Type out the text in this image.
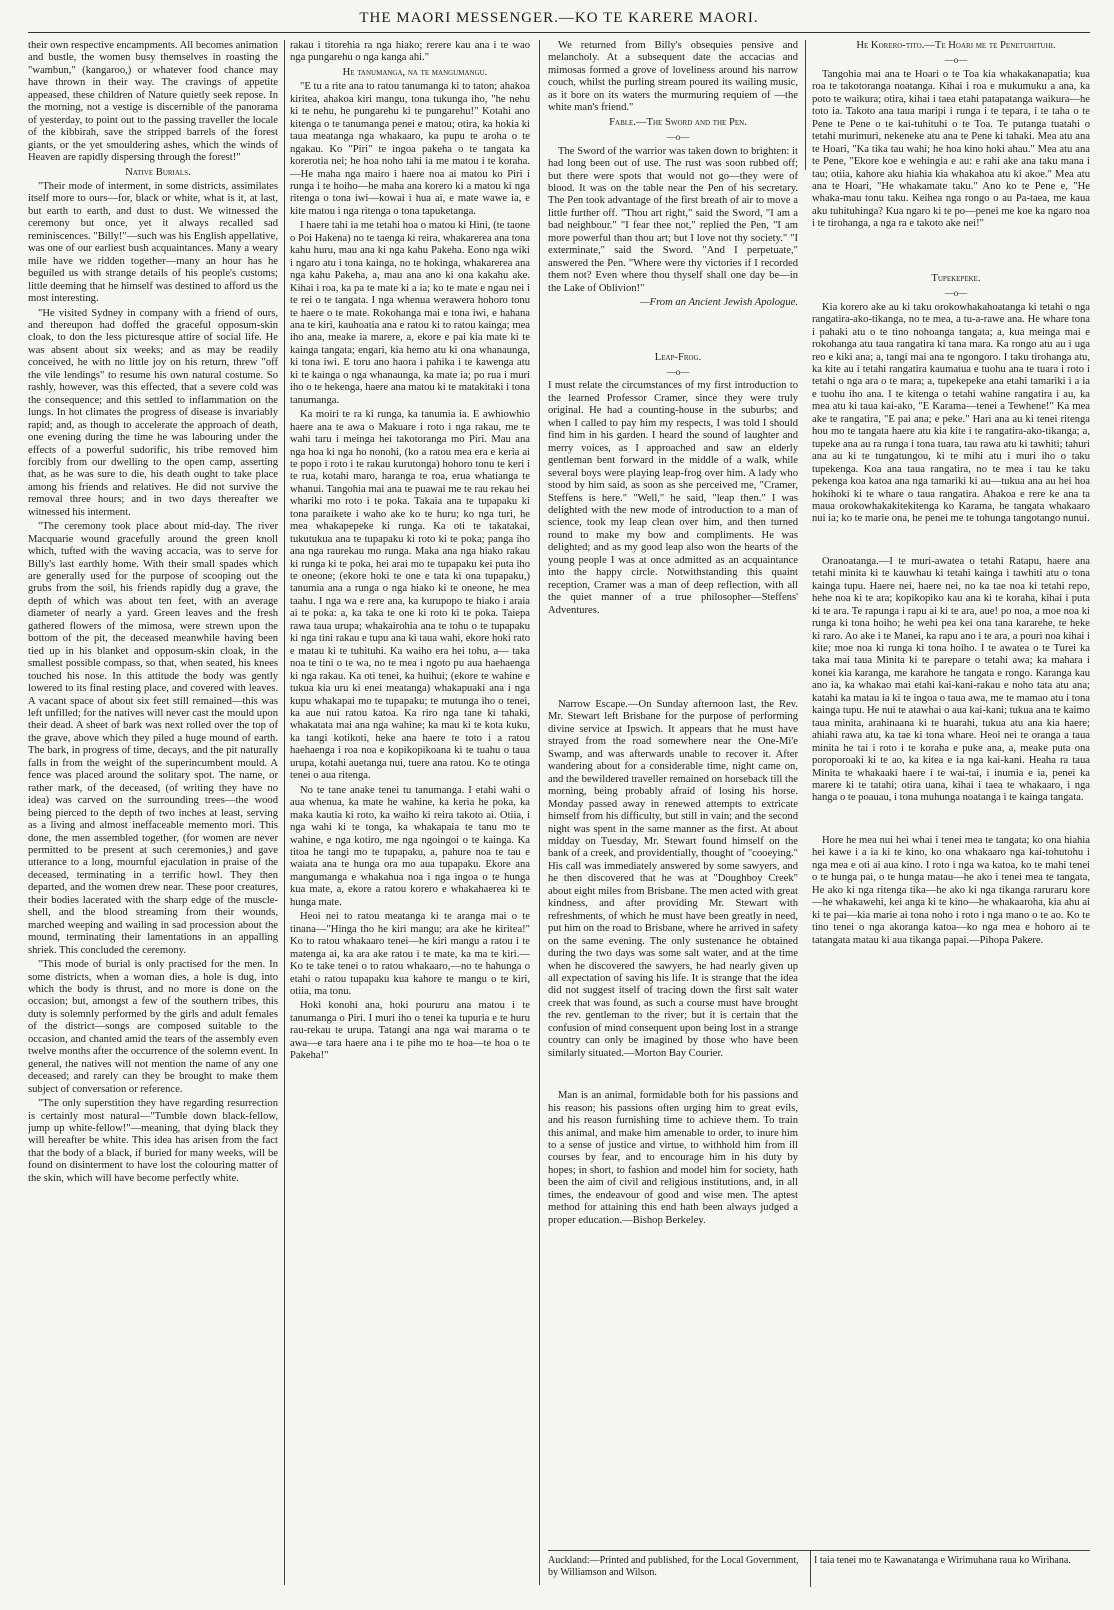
THE MAORI MESSENGER.—KO TE KARERE MAORI.

their own respective encampments. All becomes animation and bustle, the women busy themselves in roasting the "wambun," (kangaroo,) or whatever food chance may have thrown in their way. The cravings of appetite appeased, these children of Nature quietly seek repose. In the morning, not a vestige is discernible of the panorama of yesterday, to point out to the passing traveller the locale of the kibbirah, save the stripped barrels of the forest giants, or the yet smouldering ashes, which the winds of Heaven are rapidly dispersing through the forest!"

Native Burials.

"Their mode of interment, in some districts, assimilates itself more to ours—for, black or white, what is it, at last, but earth to earth, and dust to dust. We witnessed the ceremony but once, yet it always recalled sad reminiscences. "Billy!"—such was his English appellative, was one of our earliest bush acquaintances. Many a weary mile have we ridden together—many an hour has he beguiled us with strange details of his people's customs; little deeming that he himself was destined to afford us the most interesting.

"He visited Sydney in company with a friend of ours, and thereupon had doffed the graceful opposum-skin cloak, to don the less picturesque attire of social life. He was absent about six weeks; and as may be readily conceived, he with no little joy on his return, threw "off the vile lendings" to resume his own natural costume. So rashly, however, was this effected, that a severe cold was the consequence; and this settled to inflammation on the lungs. In hot climates the progress of disease is invariably rapid; and, as though to accelerate the approach of death, one evening during the time he was labouring under the effects of a powerful sudorific, his tribe removed him forcibly from our dwelling to the open camp, asserting that, as he was sure to die, his death ought to take place among his friends and relatives. He did not survive the removal three hours; and in two days thereafter we witnessed his interment.

"The ceremony took place about mid-day. The river Macquarie wound gracefully around the green knoll which, tufted with the waving accacia, was to serve for Billy's last earthly home. With their small spades which are generally used for the purpose of scooping out the grubs from the soil, his friends rapidly dug a grave, the depth of which was about ten feet, with an average diameter of nearly a yard. Green leaves and the fresh gathered flowers of the mimosa, were strewn upon the bottom of the pit, the deceased meanwhile having been tied up in his blanket and opposum-skin cloak, in the smallest possible compass, so that, when seated, his knees touched his nose. In this attitude the body was gently lowered to its final resting place, and covered with leaves. A vacant space of about six feet still remained—this was left unfilled; for the natives will never cast the mould upon their dead. A sheet of bark was next rolled over the top of the grave, above which they piled a huge mound of earth. The bark, in progress of time, decays, and the pit naturally falls in from the weight of the superincumbent mould. A fence was placed around the solitary spot. The name, or rather mark, of the deceased, (of writing they have no idea) was carved on the surrounding trees—the wood being pierced to the depth of two inches at least, serving as a living and almost ineffaceable memento mori. This done, the men assembled together, (for women are never permitted to be present at such ceremonies,) and gave utterance to a long, mournful ejaculation in praise of the deceased, terminating in a terrific howl. They then departed, and the women drew near. These poor creatures, their bodies lacerated with the sharp edge of the muscle-shell, and the blood streaming from their wounds, marched weeping and wailing in sad procession about the mound, terminating their lamentations in an appalling shriek. This concluded the ceremony.

"This mode of burial is only practised for the men. In some districts, when a woman dies, a hole is dug, into which the body is thrust, and no more is done on the occasion; but, amongst a few of the southern tribes, this duty is solemnly performed by the girls and adult females of the district—songs are composed suitable to the occasion, and chanted amid the tears of the assembly even twelve months after the occurrence of the solemn event. In general, the natives will not mention the name of any one deceased; and rarely can they be brought to make them subject of conversation or reference.

"The only superstition they have regarding resurrection is certainly most natural—"Tumble down black-fellow, jump up white-fellow!"—meaning, that dying black they will hereafter be white. This idea has arisen from the fact that the body of a black, if buried for many weeks, will be found on disinterment to have lost the colouring matter of the skin, which will have become perfectly white.

rakau i titorehia ra nga hiako; rerere kau ana i te wao nga pungarehu o nga kanga ahi."

He tanumanga, na te mangumangu.

"E tu a rite ana to ratou tanumanga ki to taton; ahakoa kiritea, ahakoa kiri mangu, tona tukunga iho, "he nehu ki te nehu, he pungarehu ki te pungarehu!" Kotahi ano kitenga o te tanumanga penei e matou; otira, ka hokia ki taua meatanga nga whakaaro, ka pupu te aroha o te ngakau. Ko "Piri" te ingoa pakeha o te tangata ka korerotia nei; he hoa noho tahi ia me matou i te koraha.—He maha nga mairo i haere noa ai matou ko Piri i runga i te hoiho—he maha ana korero ki a matou ki nga ritenga o tona iwi—kowai i hua ai, e mate wawe ia, e kite matou i nga ritenga o tona tapuketanga.

I haere tahi ia me tetahi hoa o matou ki Hini, (te taone o Poi Hakena) no te taenga ki reira, whakarerea ana tona kahu huru, mau ana ki nga kahu Pakeha. Eono nga wiki i ngaro atu i tona kainga, no te hokinga, whakarerea ana nga kahu Pakeha, a, mau ana ano ki ona kakahu ake. Kihai i roa, ka pa te mate ki a ia; ko te mate e ngau nei i te rei o te tangata. I nga whenua werawera hohoro tonu te haere o te mate. Rokohanga mai e tona iwi, e hahana ana te kiri, kauhoatia ana e ratou ki to ratou kainga; mea iho ana, meake ia marere, a, ekore e pai kia mate ki te kainga tangata; engari, kia hemo atu ki ona whanaunga, ki tona iwi. E toru ano haora i pahika i te kawenga atu ki te kainga o nga whanaunga, ka mate ia; po rua i muri iho o te hekenga, haere ana matou ki te matakitaki i tona tanumanga.

Ka moiri te ra ki runga, ka tanumia ia. E awhiowhio haere ana te awa o Makuare i roto i nga rakau, me te wahi taru i meinga hei takotoranga mo Piri. Mau ana nga hoa ki nga ho nonohi, (ko a ratou mea era e keria ai te popo i roto i te rakau kurutonga) hohoro tonu te keri i te rua, kotahi maro, haranga te roa, erua whatianga te whanui. Tangohia mai ana te puawai me te rau rekau hei whariki mo roto i te poka. Takaia ana te tupapaku ki tona paraikete i waho ake ko te huru; ko nga turi, he mea whakapepeke ki runga. Ka oti te takatakai, tukutukua ana te tupapaku ki roto ki te poka; panga iho ana nga raurekau mo runga. Maka ana nga hiako rakau ki runga ki te poka, hei arai mo te tupapaku kei puta iho te oneone; (ekore hoki te one e tata ki ona tupapaku,) tanumia ana a runga o nga hiako ki te oneone, he mea taahu. I nga wa e rere ana, ka kurupopo te hiako i araia ai te poka: a, ka taka te one ki roto ki te poka. Taiepa rawa taua urupa; whakairohia ana te tohu o te tupapaku ki nga tini rakau e tupu ana ki taua wahi, ekore hoki rato e matau ki te tuhituhi. Ka waiho era hei tohu, a— taka noa te tini o te wa, no te mea i ngoto pu aua haehaenga ki nga rakau. Ka oti tenei, ka huihui; (ekore te wahine e tukua kia uru ki enei meatanga) whakapuaki ana i nga kupu whakapai mo te tupapaku; te mutunga iho o tenei, ka aue nui ratou katoa. Ka riro nga tane ki tahaki, whakatata mai ana nga wahine; ka mau ki te kota kuku, ka tangi kotikoti, heke ana haere te toto i a ratou haehaenga i roa noa e kopikopikoana ki te tuahu o taua urupa, kotahi auetanga nui, tuere ana ratou. Ko te otinga tenei o aua ritenga.

No te tane anake tenei tu tanumanga. I etahi wahi o aua whenua, ka mate he wahine, ka keria he poka, ka maka kautia ki roto, ka waiho ki reira takoto ai. Otiia, i nga wahi ki te tonga, ka whakapaia te tanu mo te wahine, e nga kotiro, me nga ngoingoi o te kainga. Ka titoa he tangi mo te tupapaku, a, pahure noa te tau e waiata ana te hunga ora mo aua tupapaku. Ekore ana mangumanga e whakahua noa i nga ingoa o te hunga kua mate, a, ekore a ratou korero e whakahaerea ki te hunga mate.

Heoi nei to ratou meatanga ki te aranga mai o te tinana—"Hinga tho he kiri mangu; ara ake he kiritea!" Ko to ratou whakaaro tenei—he kiri mangu a ratou i te matenga ai, ka ara ake ratou i te mate, ka ma te kiri.— Ko te take tenei o to ratou whakaaro,—no te hahunga o etahi o ratou tupapaku kua kahore te mangu o te kiri, otiia, ma tonu.

Hoki konohi ana, hoki poururu ana matou i te tanumanga o Piri. I muri iho o tenei ka tupuria e te huru rau-rekau te urupa. Tatangi ana nga wai marama o te awa—e tara haere ana i te pihe mo te hoa—te hoa o te Pakeha!"

We returned from Billy's obsequies pensive and melancholy. At a subsequent date the accacias and mimosas formed a grove of loveliness around his narrow couch, whilst the purling stream poured its wailing music, as it bore on its waters the murmuring requiem of —the white man's friend."

Fable.—The Sword and the Pen.

—o—

The Sword of the warrior was taken down to brighten: it had long been out of use. The rust was soon rubbed off; but there were spots that would not go—they were of blood. It was on the table near the Pen of his secretary. The Pen took advantage of the first breath of air to move a little further off. "Thou art right," said the Sword, "I am a bad neighbour." "I fear thee not," replied the Pen, "I am more powerful than thou art; but I love not thy society." "I exterminate," said the Sword. "And I perpetuate," answered the Pen. "Where were thy victories if I recorded them not? Even where thou thyself shall one day be—in the Lake of Oblivion!"

—From an Ancient Jewish Apologue.

Leap-Frog.

—o—

I must relate the circumstances of my first introduction to the learned Professor Cramer, since they were truly original. He had a counting-house in the suburbs; and when I called to pay him my respects, I was told I should find him in his garden. I heard the sound of laughter and merry voices, as I approached and saw an elderly gentleman bent forward in the middle of a walk, while several boys were playing leap-frog over him. A lady who stood by him said, as soon as she perceived me, "Cramer, Steffens is here." "Well," he said, "leap then." I was delighted with the new mode of introduction to a man of science, took my leap clean over him, and then turned round to make my bow and compliments. He was delighted; and as my good leap also won the hearts of the young people I was at once admitted as an acquaintance into the happy circle. Notwithstanding this quaint reception, Cramer was a man of deep reflection, with all the quiet manner of a true philosopher—Steffens' Adventures.

Narrow Escape.—On Sunday afternoon last, the Rev. Mr. Stewart left Brisbane for the purpose of performing divine service at Ipswich. It appears that he must have strayed from the road somewhere near the One-Mi'e Swamp, and was afterwards unable to recover it. After wandering about for a considerable time, night came on, and the bewildered traveller remained on horseback till the morning, being probably afraid of losing his horse. Monday passed away in renewed attempts to extricate himself from his difficulty, but still in vain; and the second night was spent in the same manner as the first. At about midday on Tuesday, Mr. Stewart found himself on the bank of a creek, and providentially, thought of "cooeying." His call was immediately answered by some sawyers, and he then discovered that he was at "Doughboy Creek" about eight miles from Brisbane. The men acted with great kindness, and after providing Mr. Stewart with refreshments, of which he must have been greatly in need, put him on the road to Brisbane, where he arrived in safety on the same evening. The only sustenance he obtained during the two days was some salt water, and at the time when he discovered the sawyers, he had nearly given up all expectation of saving his life. It is strange that the idea did not suggest itself of tracing down the first salt water creek that was found, as such a course must have brought the rev. gentleman to the river; but it is certain that the confusion of mind consequent upon being lost in a strange country can only be imagined by those who have been similarly situated.—Morton Bay Courier.

Man is an animal, formidable both for his passions and his reason; his passions often urging him to great evils, and his reason furnishing time to achieve them. To train this animal, and make him amenable to order, to inure him to a sense of justice and virtue, to withhold him from ill courses by fear, and to encourage him in his duty by hopes; in short, to fashion and model him for society, hath been the aim of civil and religious institutions, and, in all times, the endeavour of good and wise men. The aptest method for attaining this end hath been always judged a proper education.—Bishop Berkeley.

He Korero-tito.—Te Hoari me te Penetuhituhi.

—o—

Tangohia mai ana te Hoari o te Toa kia whakakanapatia; kua roa te takotoranga noatanga. Kihai i roa e mukumuku a ana, ka poto te waikura; otira, kihai i taea etahi patapatanga waikura—he toto ia. Takoto ana taua maripi i runga i te tepara, i te taha o te Pene te Pene o te kai-tuhituhi o te Toa. Te putanga tuatahi o tetahi murimuri, nekeneke atu ana te Pene ki tahaki. Mea atu ana te Hoari, "Ka tika tau wahi; he hoa kino hoki ahau." Mea atu ana te Pene, "Ekore koe e wehingia e au: e rahi ake ana taku mana i tau; otiia, kahore aku hiahia kia whakahoa atu ki akoe." Mea atu ana te Hoari, "He whakamate taku." Ano ko te Pene e, "He whaka-mau tonu taku. Keihea nga rongo o au Pa-taea, me kaua aku tuhituhinga? Kua ngaro ki te po—penei me koe ka ngaro noa i te tirohanga, a nga ra e takoto ake nei!"

Tupekepeke.

—o—

Kia korero ake au ki taku orokowhakahoatanga ki tetahi o nga rangatira-ako-tikanga, no te mea, a tu-a-rawe ana. He whare tona i pahaki atu o te tino nohoanga tangata; a, kua meinga mai e rokohanga atu taua rangatira ki tana mara. Ka rongo atu au i uga reo e kiki ana; a, tangi mai ana te ngongoro. I taku tirohanga atu, ka kite au i tetahi rangatira kaumatua e tuohu ana te tuara i roto i tetahi o nga ara o te mara; a, tupekepeke ana etahi tamariki i a ia e tuohu iho ana. I te kitenga o tetahi wahine rangatira i au, ka mea atu ki taua kai-ako, "E Karama—tenei a Tewhene!" Ka mea ake te rangatira, "E pai ana; e peke." Hari ana au ki tenei ritenga hou mo te tangata haere atu kia kite i te rangatira-ako-tikanga; a, tupeke ana au ra runga i tona tuara, tau rawa atu ki tawhiti; tahuri ana au ki te tungatungou, ki te mihi atu i muri iho o taku tupekenga. Koa ana taua rangatira, no te mea i tau ke taku pekenga koa katoa ana nga tamariki ki au—tukua ana au hei hoa hokihoki ki te whare o taua rangatira. Ahakoa e rere ke ana ta maua orokowhakakitekitenga ko Karama, he tangata whakaaro nui ia; ko te marie ona, he penei me te tohunga tangotango nunui.

Oranoatanga.—I te muri-awatea o tetahi Ratapu, haere ana tetahi minita ki te kauwhau ki tetahi kainga i tawhiti atu o tona kainga tupu. Haere nei, haere nei, no ka tae noa ki tetahi repo, hehe noa ki te ara; kopikopiko kau ana ki te koraha, kihai i puta ki te ara. Te rapunga i rapu ai ki te ara, aue! po noa, a moe noa ki runga ki tona hoiho; he wehi pea kei ona tana kararehe, te heke ki raro. Ao ake i te Manei, ka rapu ano i te ara, a pouri noa kihai i kite; moe noa ki runga ki tona hoiho. I te awatea o te Turei ka taka mai taua Minita ki te parepare o tetahi awa; ka mahara i konei kia karanga, me karahore he tangata e rongo. Karanga kau ano ia, ka whakao mai etahi kai-kani-rakau e noho tata atu ana; katahi ka matau ia ki te ingoa o taua awa, me te mamao atu i tona kainga tupu. He nui te atawhai o aua kai-kani; tukua ana te kaimo taua minita, arahinaana ki te huarahi, tukua atu ana kia haere; ahiahi rawa atu, ka tae ki tona whare. Heoi nei te oranga a taua minita he tai i roto i te koraha e puke ana, a, meake puta ona poroporoaki ki te ao, ka kitea e ia nga kai-kani. Heaha ra taua Minita te whakaaki haere i te wai-tai, i inumia e ia, penei ka marere ki te tatahi; otira uana, kihai i taea te whakaaro, i nga hanga o te poauau, i tona muhunga noatanga i te kainga tangata.

Hore he mea nui hei whai i tenei mea te tangata; ko ona hiahia hei kawe i a ia ki te kino, ko ona whakaaro nga kai-tohutohu i nga mea e oti ai aua kino. I roto i nga wa katoa, ko te mahi tenei o te hunga pai, o te hunga matau—he ako i tenei mea te tangata, He ako ki nga ritenga tika—he ako ki nga tikanga raruraru kore—he whakawehi, kei anga ki te kino—he whakaaroha, kia ahu ai ki te pai—kia marie ai tona noho i roto i nga mano o te ao. Ko te tino tenei o nga akoranga katoa—ko nga mea e hohoro ai te tatangata matau ki aua tikanga papai.—Pihopa Pakere.

Auckland:—Printed and published, for the Local Government, by Williamson and Wilson.
I taia tenei mo te Kawanatanga e Wirimuhana raua ko Wirihana.
